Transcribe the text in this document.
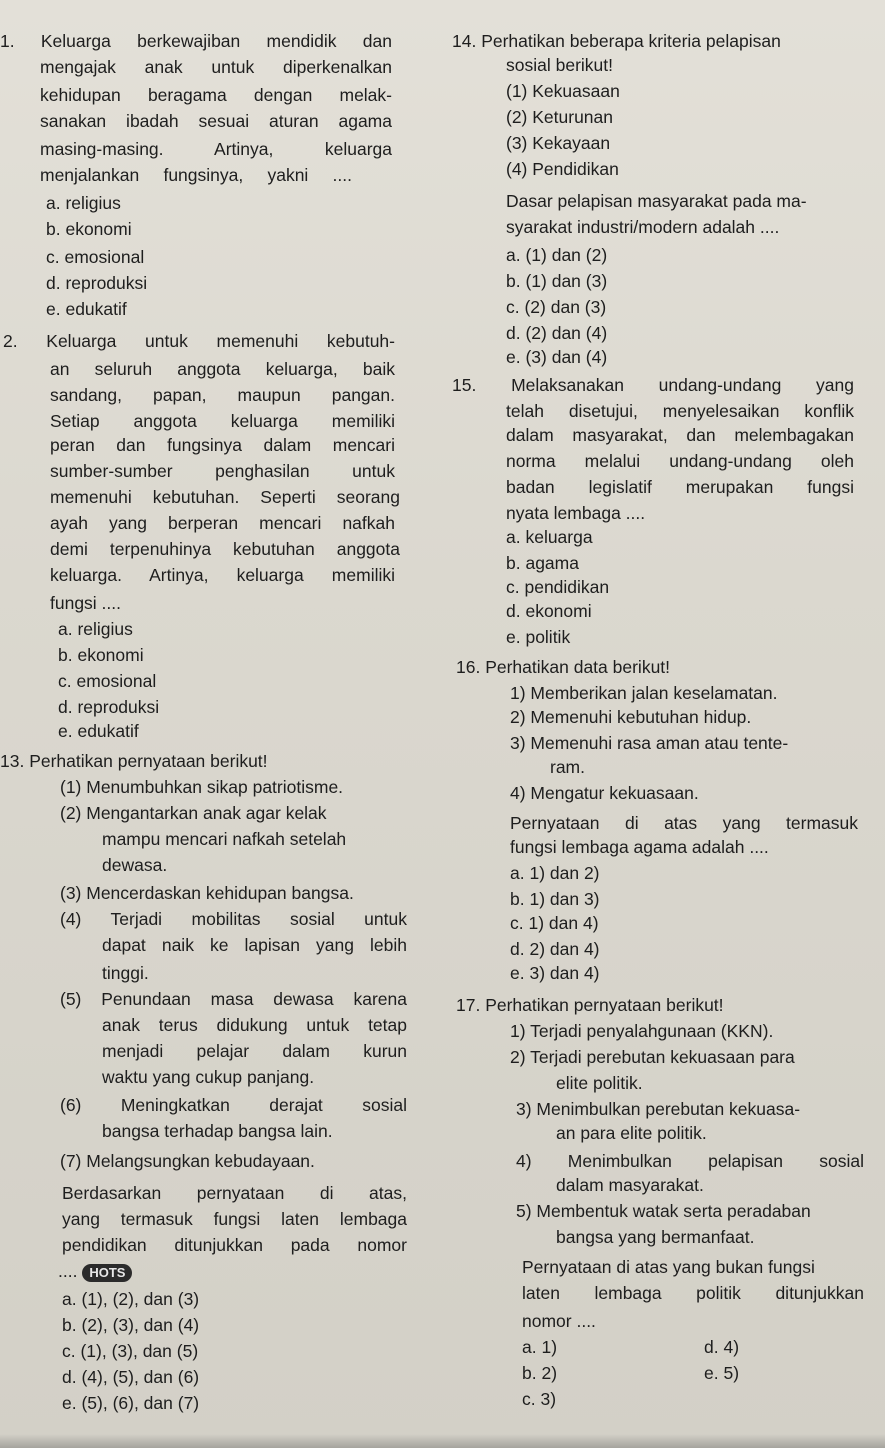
1. Keluarga berkewajiban mendidik dan
mengajak anak untuk diperkenalkan
kehidupan beragama dengan melak-
sanakan ibadah sesuai aturan agama
masing-masing. Artinya, keluarga
menjalankan fungsinya, yakni ....
a. religius
b. ekonomi
c. emosional
d. reproduksi
e. edukatif
2. Keluarga untuk memenuhi kebutuh-
an seluruh anggota keluarga, baik
sandang, papan, maupun pangan.
Setiap anggota keluarga memiliki
peran dan fungsinya dalam mencari
sumber-sumber penghasilan untuk
memenuhi kebutuhan. Seperti seorang
ayah yang berperan mencari nafkah
demi terpenuhinya kebutuhan anggota
keluarga. Artinya, keluarga memiliki
fungsi ....
a. religius
b. ekonomi
c. emosional
d. reproduksi
e. edukatif
13. Perhatikan pernyataan berikut!
(1) Menumbuhkan sikap patriotisme.
(2) Mengantarkan anak agar kelak
mampu mencari nafkah setelah
dewasa.
(3) Mencerdaskan kehidupan bangsa.
(4) Terjadi mobilitas sosial untuk
dapat naik ke lapisan yang lebih
tinggi.
(5) Penundaan masa dewasa karena
anak terus didukung untuk tetap
menjadi pelajar dalam kurun
waktu yang cukup panjang.
(6) Meningkatkan derajat sosial
bangsa terhadap bangsa lain.
(7) Melangsungkan kebudayaan.
Berdasarkan pernyataan di atas,
yang termasuk fungsi laten lembaga
pendidikan ditunjukkan pada nomor
a. (1), (2), dan (3)
b. (2), (3), dan (4)
c. (1), (3), dan (5)
d. (4), (5), dan (6)
e. (5), (6), dan (7)
14. Perhatikan beberapa kriteria pelapisan
sosial berikut!
(1) Kekuasaan
(2) Keturunan
(3) Kekayaan
(4) Pendidikan
Dasar pelapisan masyarakat pada ma-
syarakat industri/modern adalah ....
a. (1) dan (2)
b. (1) dan (3)
c. (2) dan (3)
d. (2) dan (4)
e. (3) dan (4)
15. Melaksanakan undang-undang yang
telah disetujui, menyelesaikan konflik
dalam masyarakat, dan melembagakan
norma melalui undang-undang oleh
badan legislatif merupakan fungsi
nyata lembaga ....
a. keluarga
b. agama
c. pendidikan
d. ekonomi
e. politik
16. Perhatikan data berikut!
1) Memberikan jalan keselamatan.
2) Memenuhi kebutuhan hidup.
3) Memenuhi rasa aman atau tente-
ram.
4) Mengatur kekuasaan.
Pernyataan di atas yang termasuk
fungsi lembaga agama adalah ....
a. 1) dan 2)
b. 1) dan 3)
c. 1) dan 4)
d. 2) dan 4)
e. 3) dan 4)
17. Perhatikan pernyataan berikut!
1) Terjadi penyalahgunaan (KKN).
2) Terjadi perebutan kekuasaan para
elite politik.
3) Menimbulkan perebutan kekuasa-
an para elite politik.
4) Menimbulkan pelapisan sosial
dalam masyarakat.
5) Membentuk watak serta peradaban
bangsa yang bermanfaat.
Pernyataan di atas yang bukan fungsi
laten lembaga politik ditunjukkan
nomor ....
a. 1)
b. 2)
c. 3)
d. 4)
e. 5)
.... HOTS
